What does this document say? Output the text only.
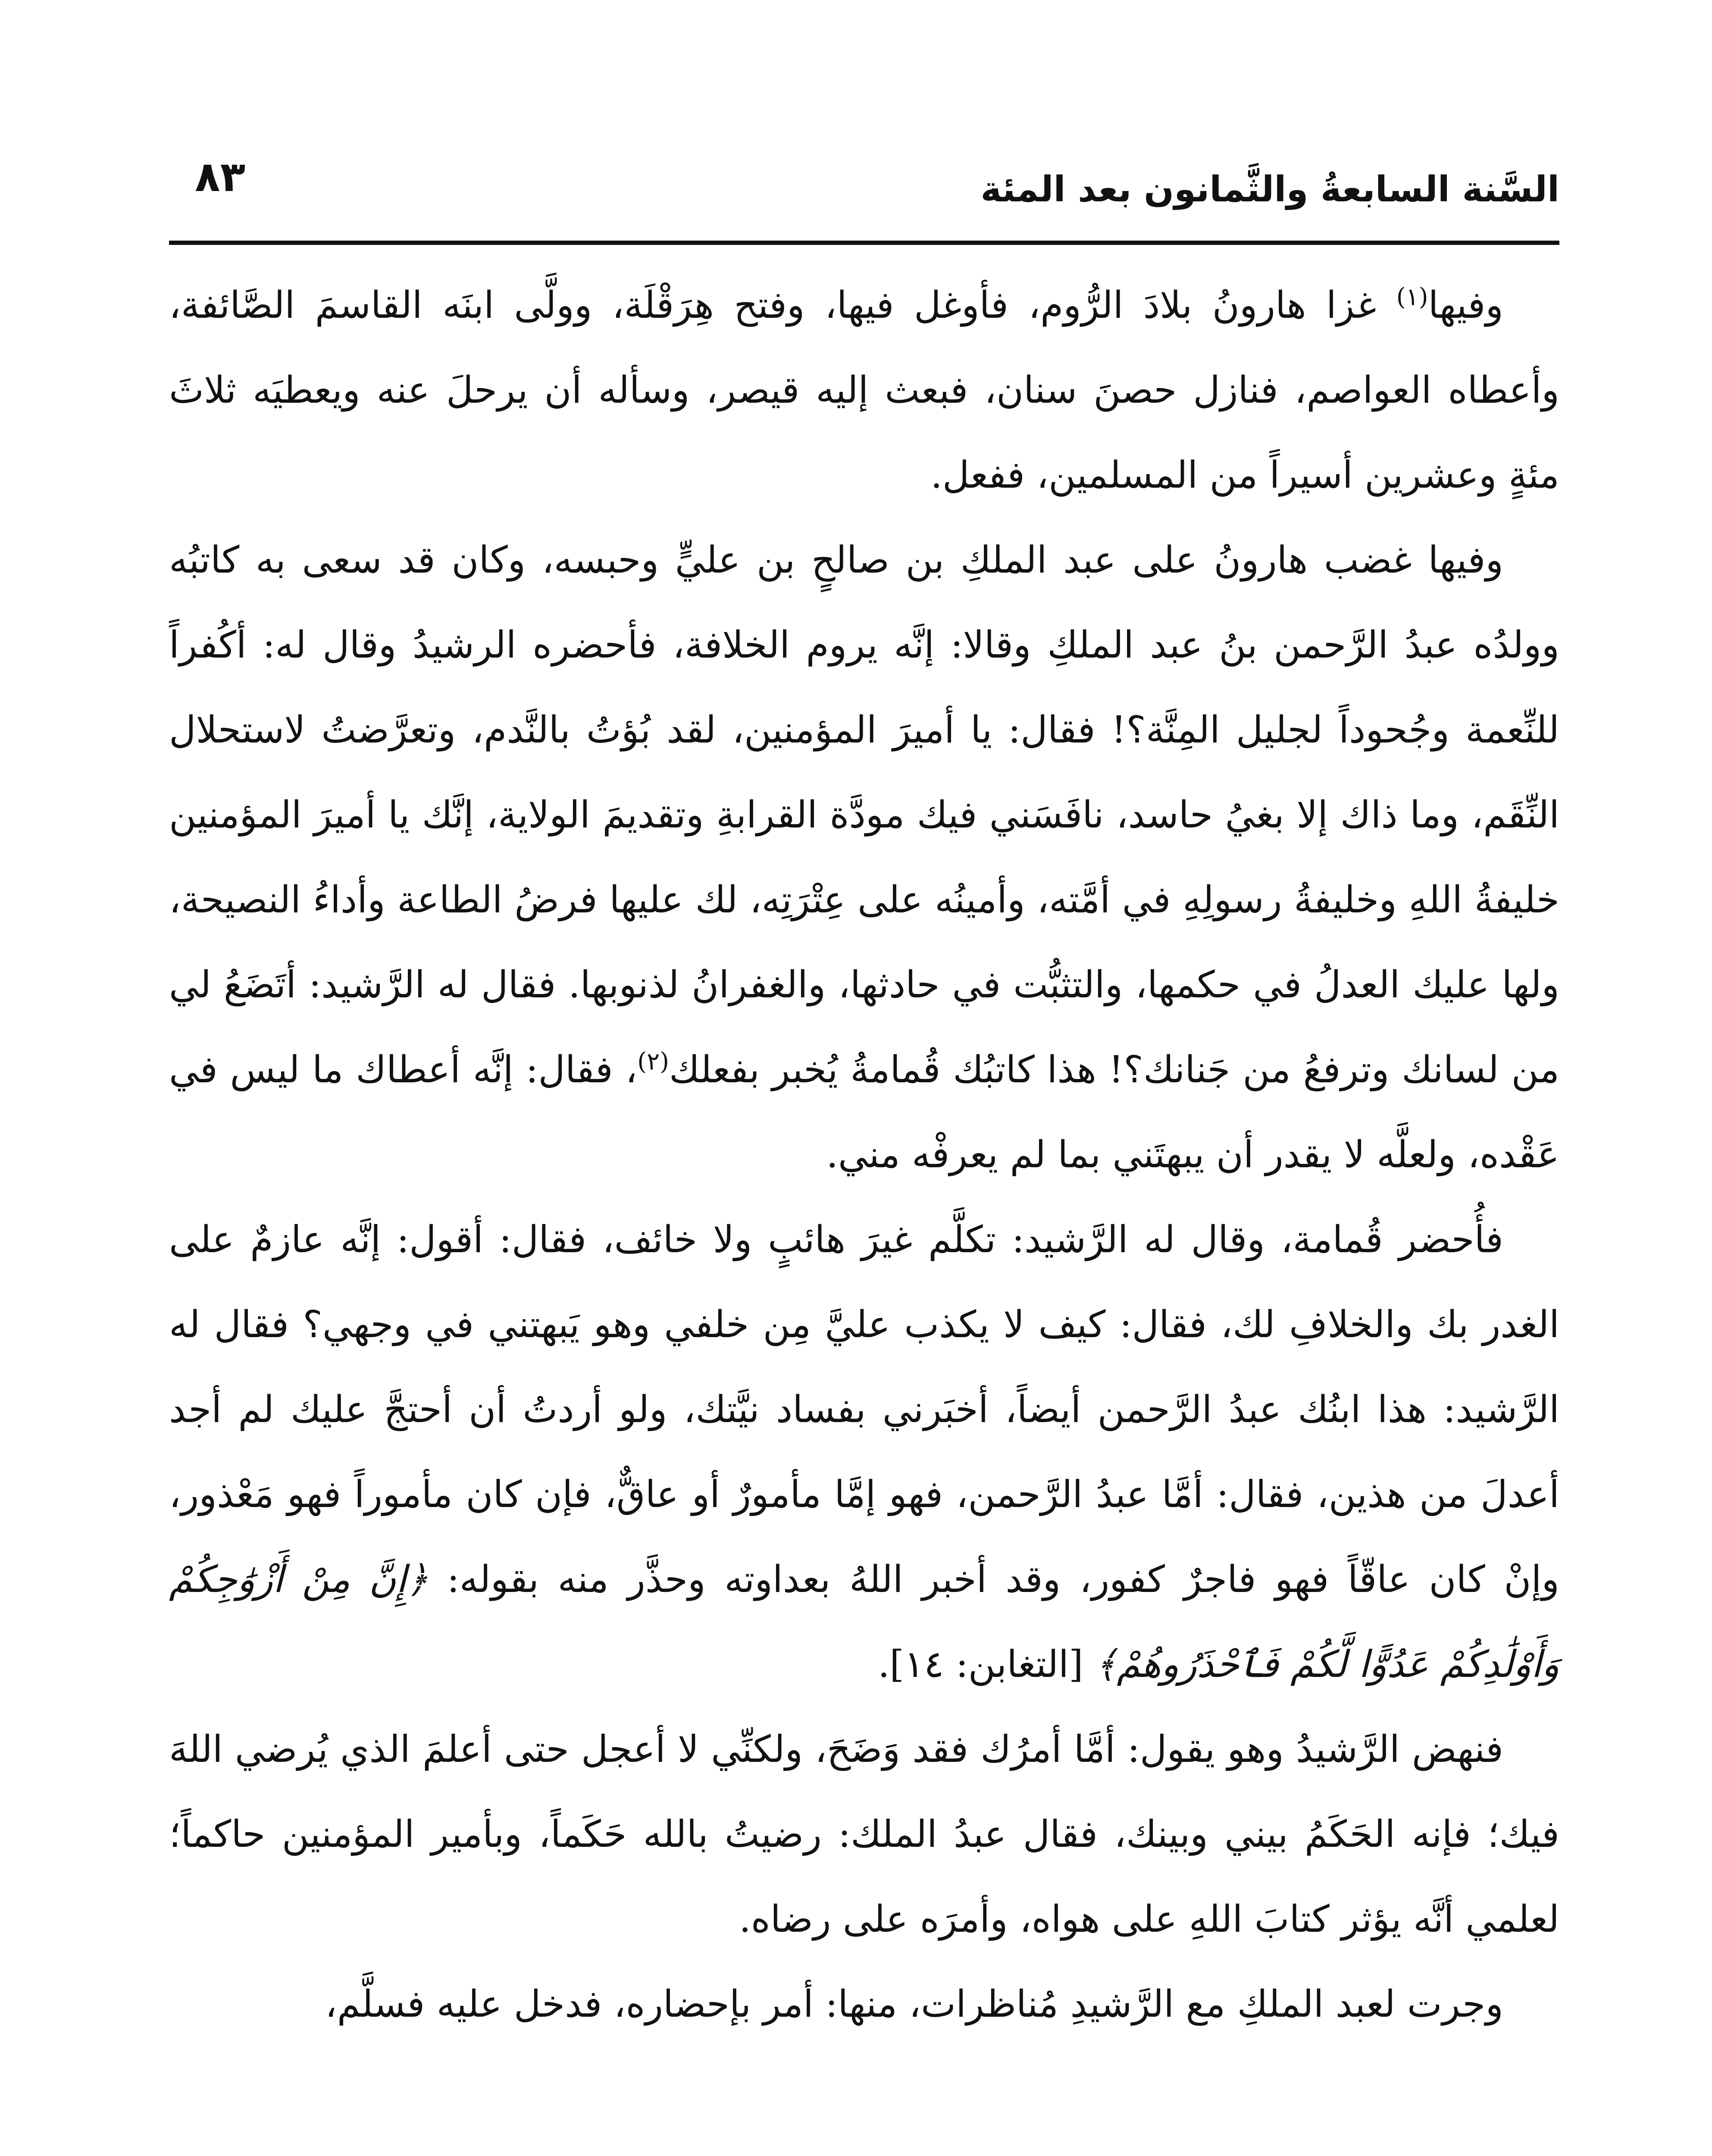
السَّنة السابعةُ والثَّمانون بعد المئة
٨٣

وفيها$^{(١)}$ غزا هارونُ بلادَ الرُّوم، فأوغل فيها، وفتح هِرَقْلَة، وولَّى ابنَه القاسمَ الصَّائفة، وأعطاه العواصم، فنازل حصنَ سنان، فبعث إليه قيصر، وسأله أن يرحلَ عنه ويعطيَه ثلاثَ مئةٍ وعشرين أسيراً من المسلمين، ففعل.

وفيها غضب هارونُ على عبد الملكِ بن صالحٍ بن عليٍّ وحبسه، وكان قد سعى به كاتبُه وولدُه عبدُ الرَّحمن بنُ عبد الملكِ وقالا: إنَّه يروم الخلافة، فأحضره الرشيدُ وقال له: أكُفراً للنِّعمة وجُحوداً لجليل المِنَّة؟! فقال: يا أميرَ المؤمنين، لقد بُؤتُ بالنَّدم، وتعرَّضتُ لاستحلال النِّقَم، وما ذاك إلا بغيُ حاسد، نافَسَني فيك مودَّة القرابةِ وتقديمَ الولاية، إنَّك يا أميرَ المؤمنين خليفةُ اللهِ وخليفةُ رسولِهِ في أمَّته، وأمينُه على عِتْرَتِه، لك عليها فرضُ الطاعة وأداءُ النصيحة، ولها عليك العدلُ في حكمها، والتثبُّت في حادثها، والغفرانُ لذنوبها. فقال له الرَّشيد: أتَضَعُ لي من لسانك وترفعُ من جَنانك؟! هذا كاتبُك قُمامةُ يُخبر بفعلك$^{(٢)}$، فقال: إنَّه أعطاك ما ليس في عَقْده، ولعلَّه لا يقدر أن يبهتَني بما لم يعرفْه مني.

فأُحضر قُمامة، وقال له الرَّشيد: تكلَّم غيرَ هائبٍ ولا خائف، فقال: أقول: إنَّه عازمٌ على الغدر بك والخلافِ لك، فقال: كيف لا يكذب عليَّ مِن خلفي وهو يَبهتني في وجهي؟ فقال له الرَّشيد: هذا ابنُك عبدُ الرَّحمن أيضاً، أخبَرني بفساد نيَّتك، ولو أردتُ أن أحتجَّ عليك لم أجد أعدلَ من هذين، فقال: أمَّا عبدُ الرَّحمن، فهو إمَّا مأمورٌ أو عاقٌّ، فإن كان مأموراً فهو مَعْذور، وإنْ كان عاقّاً فهو فاجرٌ كفور، وقد أخبر اللهُ بعداوته وحذَّر منه بقوله: ﴿إِنَّ مِنْ أَزْوَٰجِكُمْ وَأَوْلَٰدِكُمْ عَدُوًّا لَّكُمْ فَٱحْذَرُوهُمْ﴾ [التغابن: ١٤].

فنهض الرَّشيدُ وهو يقول: أمَّا أمرُك فقد وَضَحَ، ولكنِّي لا أعجل حتى أعلمَ الذي يُرضي اللهَ فيك؛ فإنه الحَكَمُ بيني وبينك، فقال عبدُ الملك: رضيتُ بالله حَكَماً، وبأمير المؤمنين حاكماً؛ لعلمي أنَّه يؤثر كتابَ اللهِ على هواه، وأمرَه على رضاه.

وجرت لعبد الملكِ مع الرَّشيدِ مُناظرات، منها: أمر بإحضاره، فدخل عليه فسلَّم،
